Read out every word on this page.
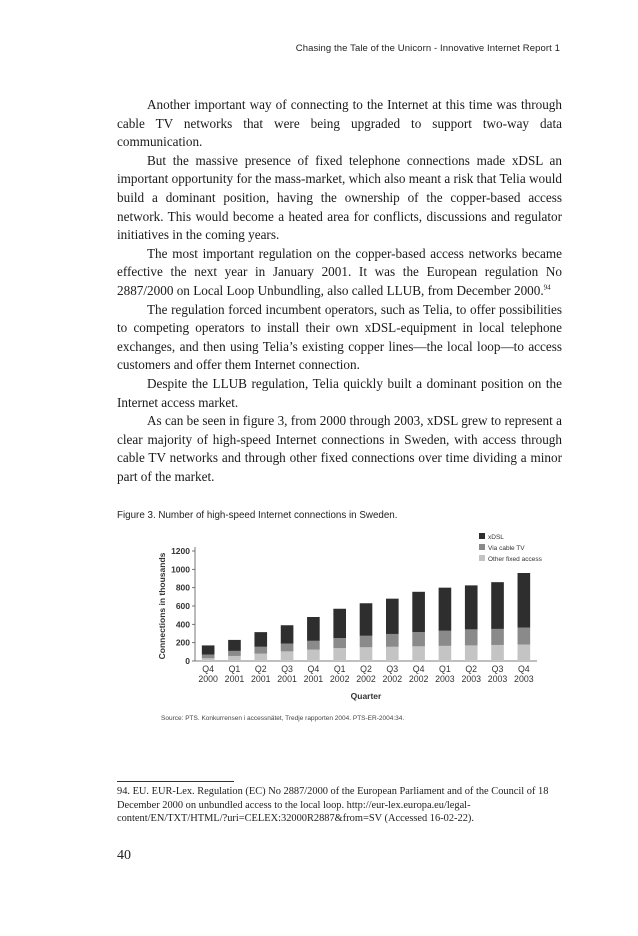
Chasing the Tale of the Unicorn - Innovative Internet Report 1

Another important way of connecting to the Internet at this time was through cable TV networks that were being upgraded to support two-way data communication.

But the massive presence of fixed telephone connections made xDSL an important opportunity for the mass-market, which also meant a risk that Telia would build a dominant position, having the ownership of the copper-based access network. This would become a heated area for conflicts, discussions and regulator initiatives in the coming years.

The most important regulation on the copper-based access networks became effective the next year in January 2001. It was the European regulation No 2887/2000 on Local Loop Unbundling, also called LLUB, from December 2000.94

The regulation forced incumbent operators, such as Telia, to offer possibilities to competing operators to install their own xDSL-equipment in local telephone exchanges, and then using Telia’s existing copper lines—the local loop—to access customers and offer them Internet connection.

Despite the LLUB regulation, Telia quickly built a dominant position on the Internet access market.

As can be seen in figure 3, from 2000 through 2003, xDSL grew to represent a clear majority of high-speed Internet connections in Sweden, with access through cable TV networks and through other fixed connections over time dividing a minor part of the market.

Figure 3. Number of high-speed Internet connections in Sweden.
0
200
400
600
800
1000
1200
Connections in thousands
Q4
2000
Q1
2001
Q2
2001
Q3
2001
Q4
2001
Q1
2002
Q2
2002
Q3
2002
Q4
2002
Q1
2003
Q2
2003
Q3
2003
Q4
2003
Quarter
xDSL
Via cable TV
Other fixed access
Source: PTS. Konkurrensen i accessnätet, Tredje rapporten 2004. PTS-ER-2004:34.
94. EU. EUR-Lex. Regulation (EC) No 2887/2000 of the European Parliament and of the Council of 18 December 2000 on unbundled access to the local loop. http://eur-lex.europa.eu/legal-content/EN/TXT/HTML/?uri=CELEX:32000R2887&from=SV (Accessed 16-02-22).
40
